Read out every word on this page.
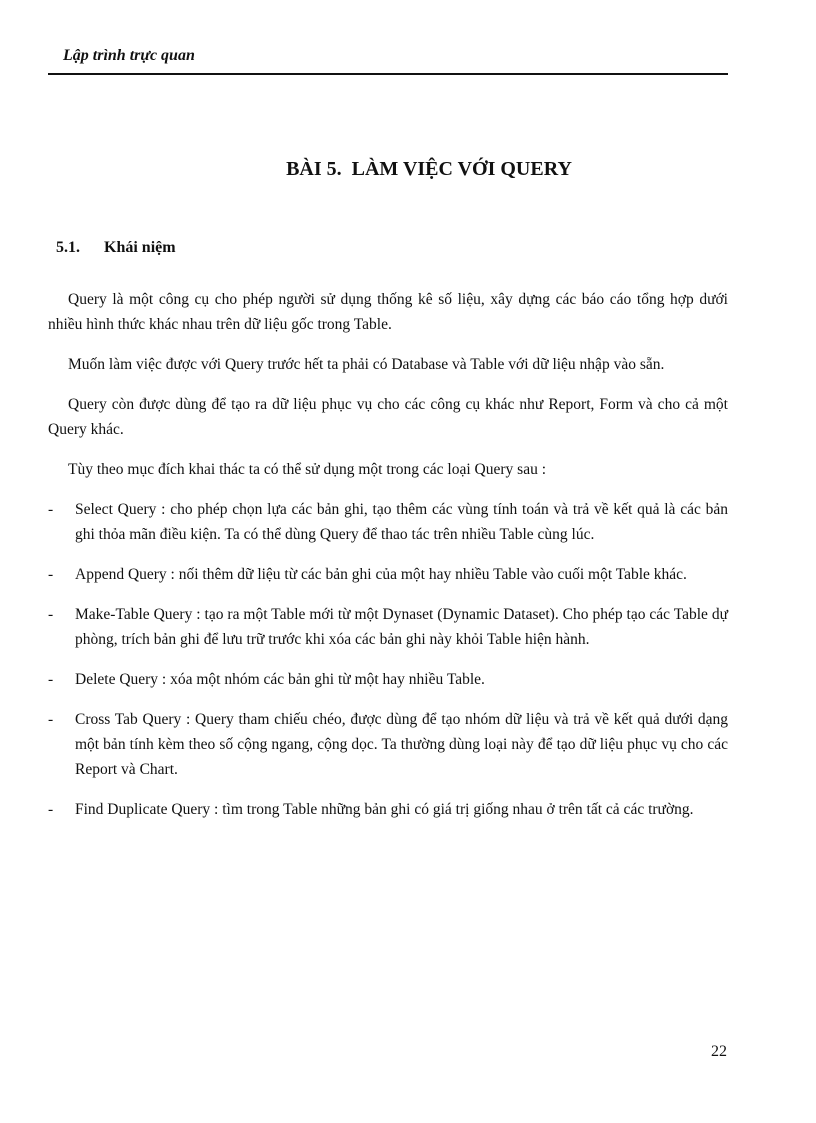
Lập trình trực quan

BÀI 5.  LÀM VIỆC VỚI QUERY
5.1. Khái niệm

Query là một công cụ cho phép người sử dụng thống kê số liệu, xây dựng các báo cáo tổng hợp dưới nhiều hình thức khác nhau trên dữ liệu gốc trong Table.

Muốn làm việc được với Query trước hết ta phải có Database và Table với dữ liệu nhập vào sẵn.

Query còn được dùng để tạo ra dữ liệu phục vụ cho các công cụ khác như Report, Form và cho cả một Query khác.

Tùy theo mục đích khai thác ta có thể sử dụng một trong các loại Query sau :

- Select Query : cho phép chọn lựa các bản ghi, tạo thêm các vùng tính toán và trả về kết quả là các bản ghi thỏa mãn điều kiện. Ta có thể dùng Query để thao tác trên nhiều Table cùng lúc.
- Append Query : nối thêm dữ liệu từ các bản ghi của một hay nhiều Table vào cuối một Table khác.
- Make-Table Query : tạo ra một Table mới từ một Dynaset (Dynamic Dataset). Cho phép tạo các Table dự phòng, trích bản ghi để lưu trữ trước khi xóa các bản ghi này khỏi Table hiện hành.
- Delete Query : xóa một nhóm các bản ghi từ một hay nhiều Table.
- Cross Tab Query : Query tham chiếu chéo, được dùng để tạo nhóm dữ liệu và trả về kết quả dưới dạng một bản tính kèm theo số cộng ngang, cộng dọc. Ta thường dùng loại này để tạo dữ liệu phục vụ cho các Report và Chart.
- Find Duplicate Query : tìm trong Table những bản ghi có giá trị giống nhau ở trên tất cả các trường.

22
